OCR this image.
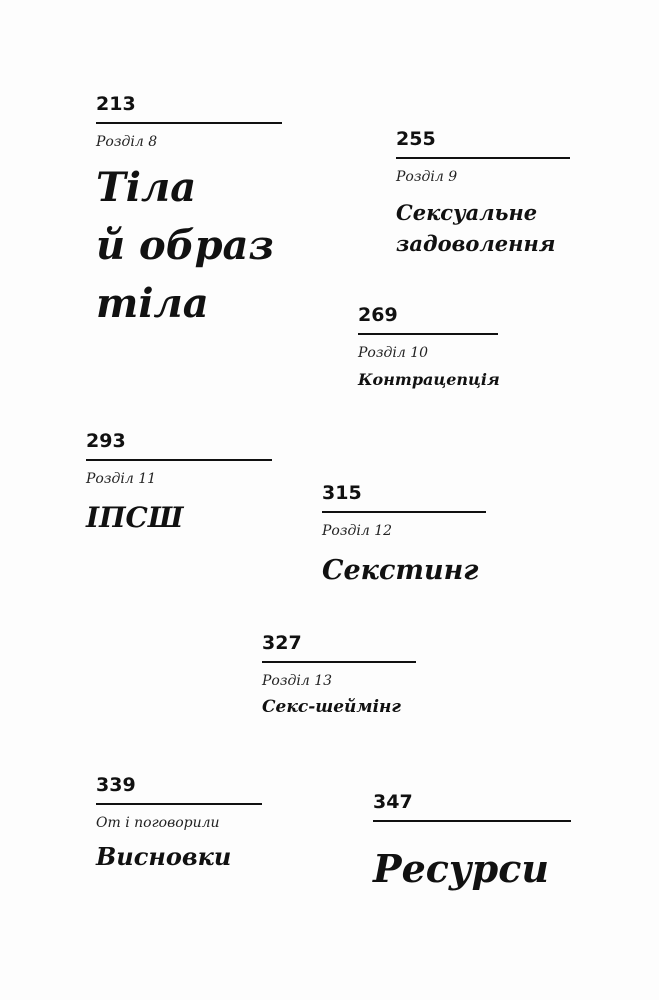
213
Розділ 8
Тіла
й образ
тіла
255
Розділ 9
Сексуальне
задоволення
269
Розділ 10
Контрацепція
293
Розділ 11
ІПСШ
315
Розділ 12
Секстинг
327
Розділ 13
Секс-шеймінг
339
От і поговорили
Висновки
347
Ресурси
